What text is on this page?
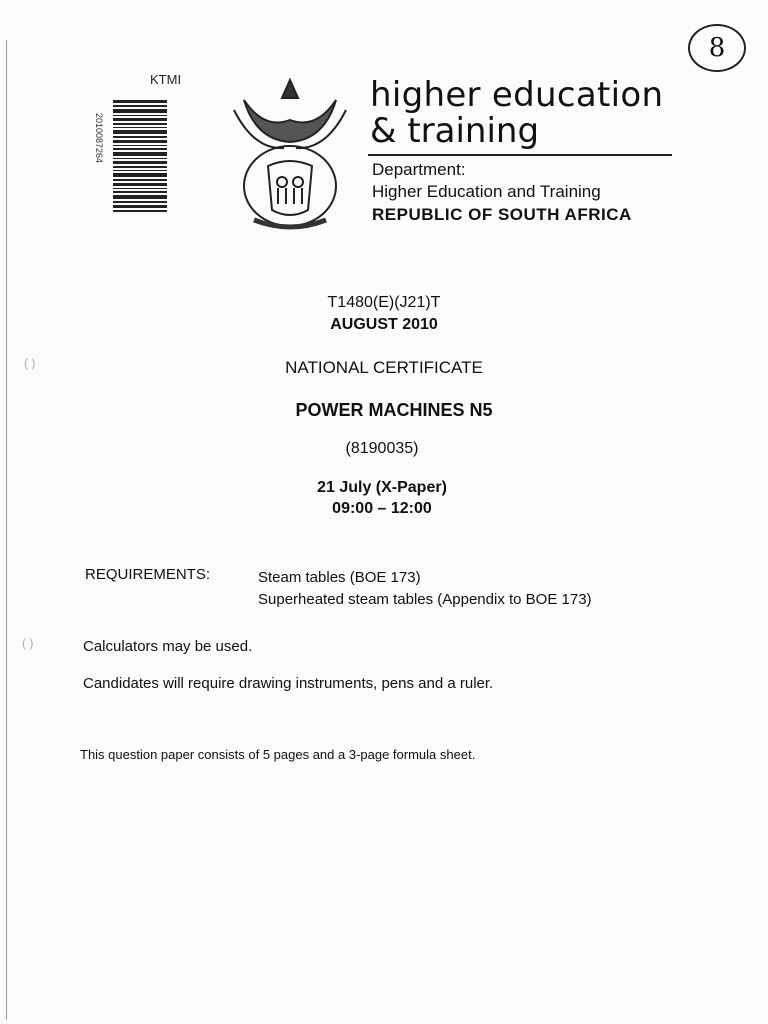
KTMI
2010087264
8
higher education
& training
Department:
Higher Education and Training
REPUBLIC OF SOUTH AFRICA
T1480(E)(J21)T
AUGUST 2010
NATIONAL CERTIFICATE
POWER MACHINES N5
(8190035)
21 July (X-Paper)
09:00 – 12:00
REQUIREMENTS:	Steam tables (BOE 173)
Superheated steam tables (Appendix to BOE 173)
Calculators may be used.
Candidates will require drawing instruments, pens and a ruler.
This question paper consists of 5 pages and a 3-page formula sheet.
( )
( )
